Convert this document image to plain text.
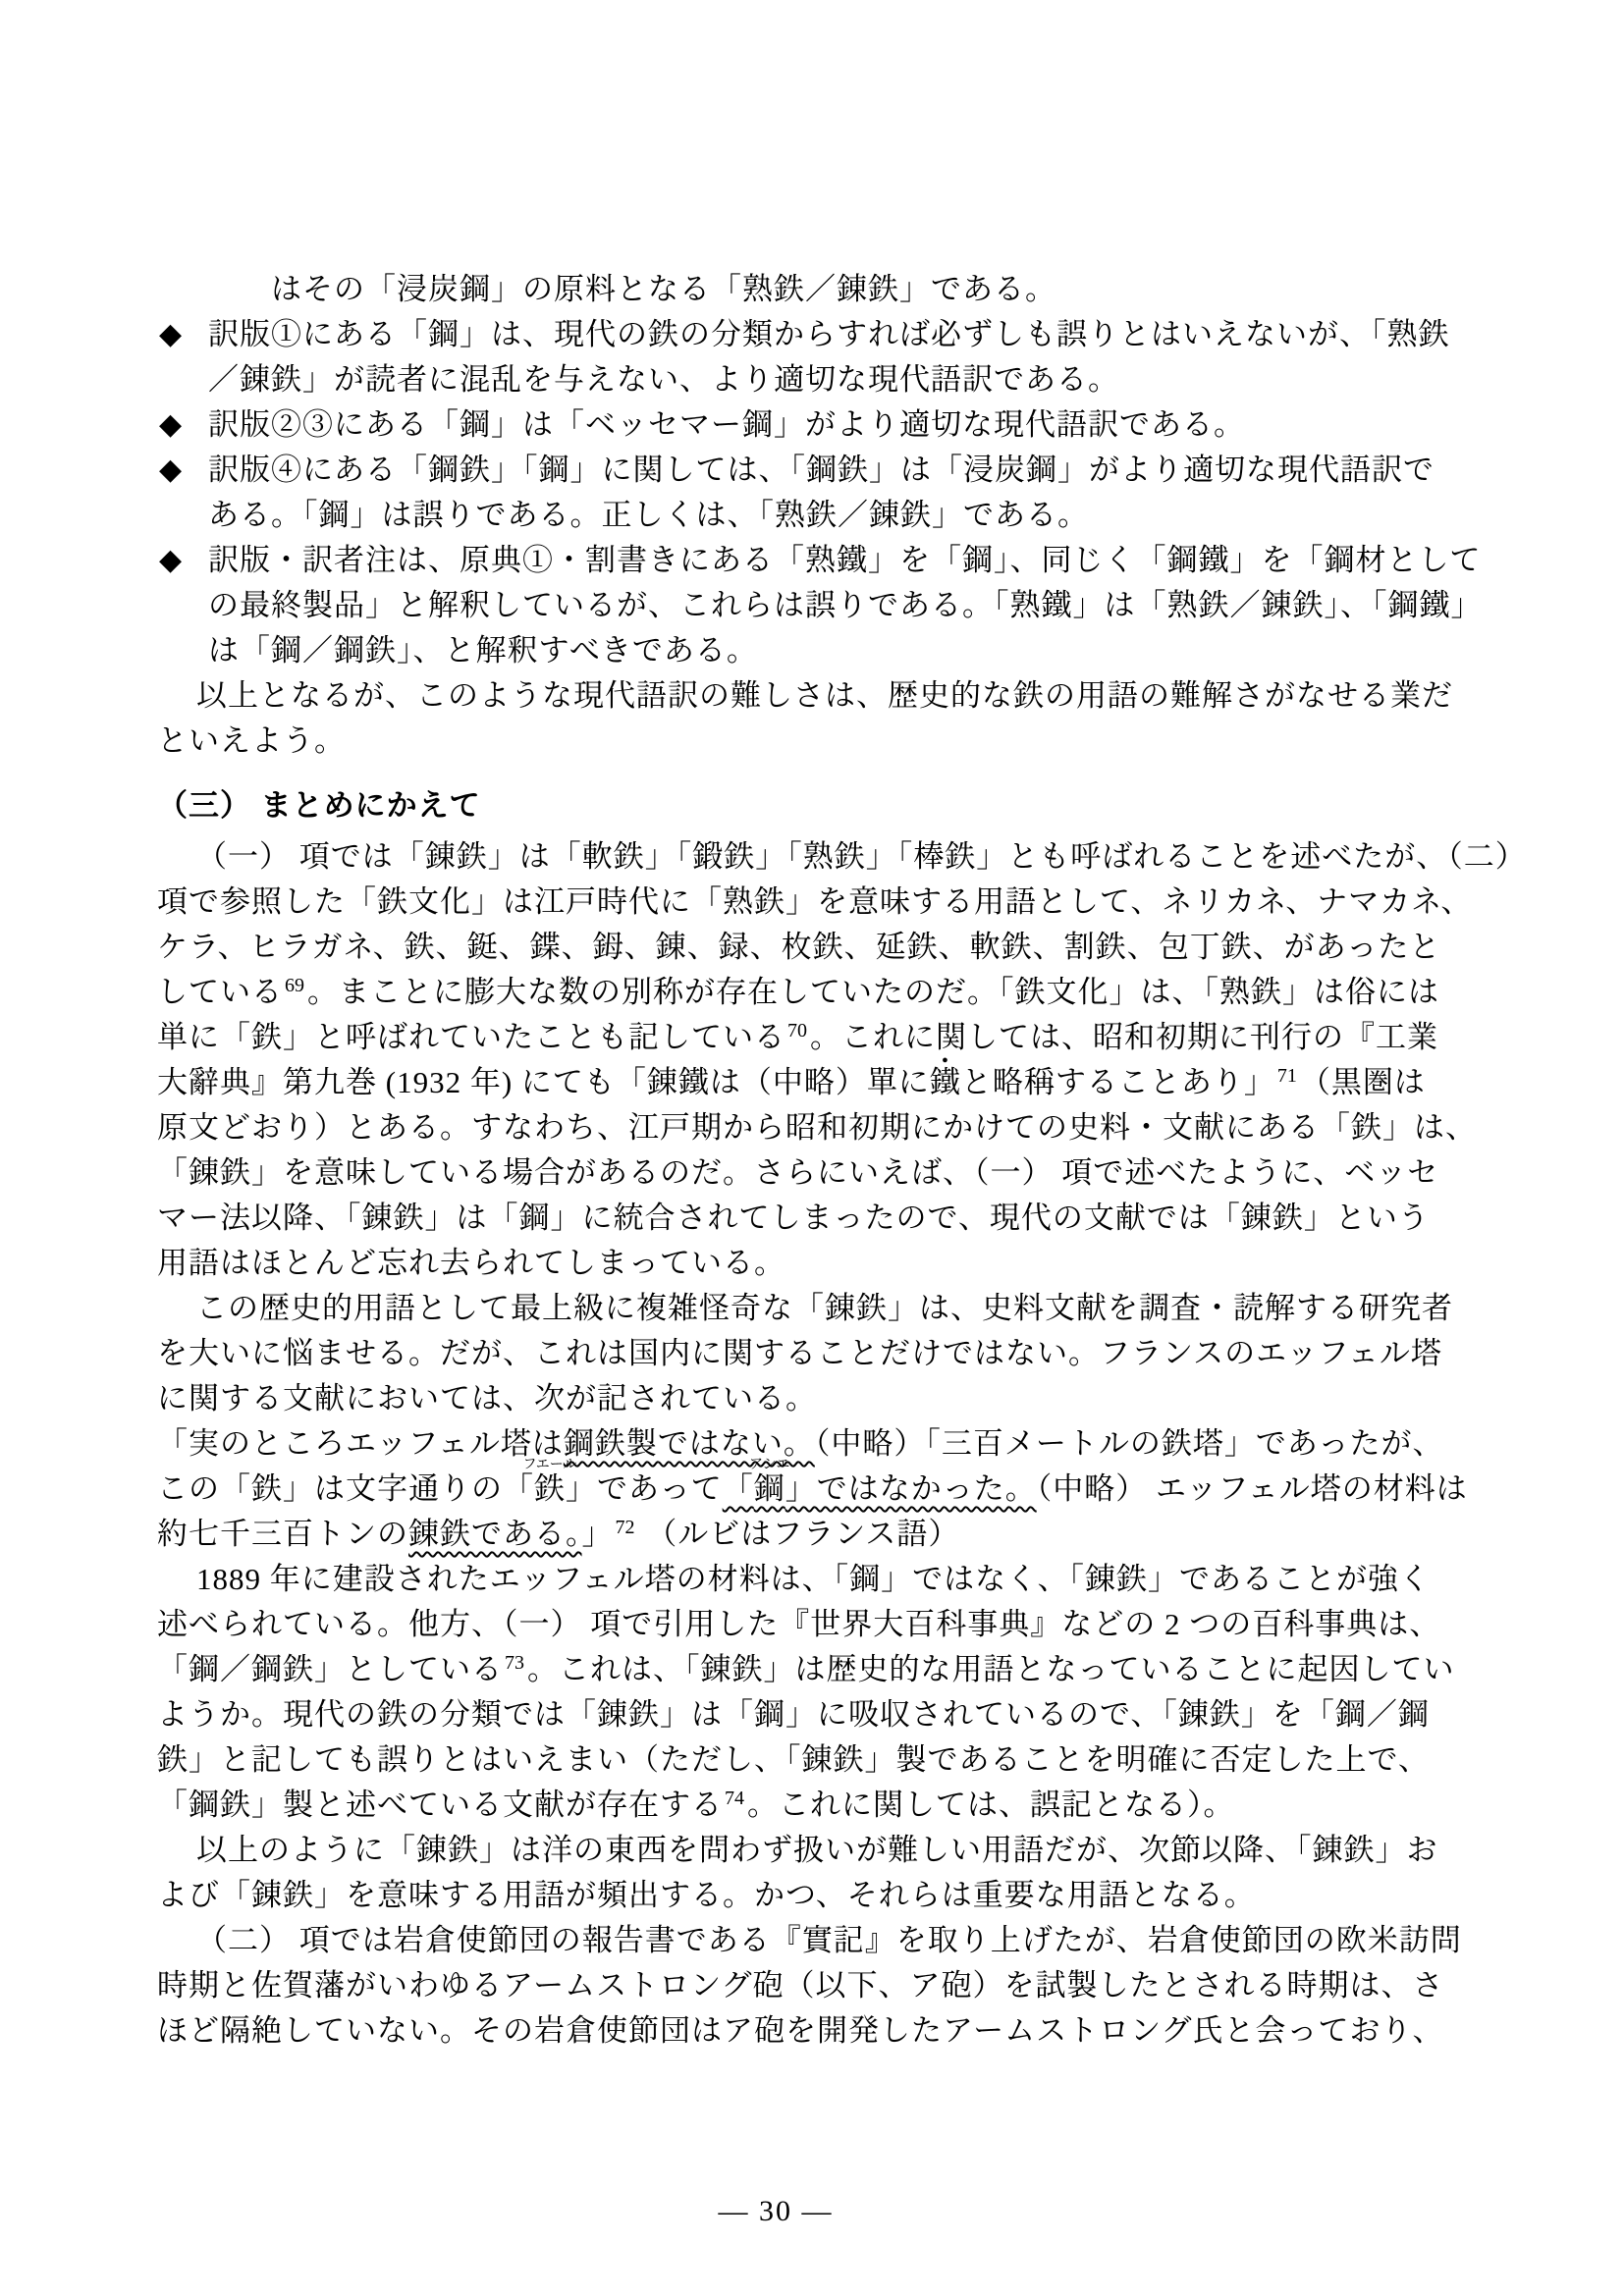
はその「浸炭鋼」の原料となる「熟鉄／錬鉄」である。
◆ 訳版①にある「鋼」は、現代の鉄の分類からすれば必ずしも誤りとはいえないが、「熟鉄
／錬鉄」が読者に混乱を与えない、より適切な現代語訳である。
◆ 訳版②③にある「鋼」は「ベッセマー鋼」がより適切な現代語訳である。
◆ 訳版④にある「鋼鉄」「鋼」に関しては、「鋼鉄」は「浸炭鋼」がより適切な現代語訳で
ある。「鋼」は誤りである。正しくは、「熟鉄／錬鉄」である。
◆ 訳版・訳者注は、原典①・割書きにある「熟鐵」を「鋼」、同じく「鋼鐵」を「鋼材として
の最終製品」と解釈しているが、これらは誤りである。「熟鐵」は「熟鉄／錬鉄」、「鋼鐵」
は「鋼／鋼鉄」、と解釈すべきである。
以上となるが、このような現代語訳の難しさは、歴史的な鉄の用語の難解さがなせる業だ
といえよう。
（三） まとめにかえて
（一） 項では「錬鉄」は「軟鉄」「鍛鉄」「熟鉄」「棒鉄」とも呼ばれることを述べたが、（二）
項で参照した「鉄文化」は江戸時代に「熟鉄」を意味する用語として、ネリカネ、ナマカネ、
ケラ、ヒラガネ、鉄、鋌、鍱、鉧、錬、録、枚鉄、延鉄、軟鉄、割鉄、包丁鉄、があったと
している $^{69}$。まことに膨大な数の別称が存在していたのだ。「鉄文化」は、「熟鉄」は俗には
単に「鉄」と呼ばれていたことも記している $^{70}$。これに関しては、昭和初期に刊行の『工業
大辭典』第九巻 (1932 年) にても「錬鐵は（中略）單に鐵 ●と略稱することあり」 $^{71}$（黒圏は
原文どおり）とある。すなわち、江戸期から昭和初期にかけての史料・文献にある「鉄」は、
「錬鉄」を意味している場合があるのだ。さらにいえば、（一） 項で述べたように、ベッセ
マー法以降、「錬鉄」は「鋼」に統合されてしまったので、現代の文献では「錬鉄」という
用語はほとんど忘れ去られてしまっている。
この歴史的用語として最上級に複雑怪奇な「錬鉄」は、史料文献を調査・読解する研究者
を大いに悩ませる。だが、これは国内に関することだけではない。フランスのエッフェル塔
に関する文献においては、次が記されている。
「実のところエッフェル塔は鋼鉄製ではない。（中略）「三百メートルの鉄塔」であったが、
この「鉄」は文字通りの「鉄
フエール
」であって「鋼
アシエ
」ではなかった。（中略） エッフェル塔の材料は
約七千三百トンの錬鉄である。」 $^{72}$ （ルビはフランス語）
1889 年に建設されたエッフェル塔の材料は、「鋼」ではなく、「錬鉄」であることが強く
述べられている。他方、（一） 項で引用した『世界大百科事典』などの 2 つの百科事典は、
「鋼／鋼鉄」としている $^{73}$。これは、「錬鉄」は歴史的な用語となっていることに起因してい
ようか。現代の鉄の分類では「錬鉄」は「鋼」に吸収されているので、「錬鉄」を「鋼／鋼
鉄」と記しても誤りとはいえまい（ただし、「錬鉄」製であることを明確に否定した上で、
「鋼鉄」製と述べている文献が存在する $^{74}$。これに関しては、誤記となる）。
以上のように「錬鉄」は洋の東西を問わず扱いが難しい用語だが、次節以降、「錬鉄」お
よび「錬鉄」を意味する用語が頻出する。かつ、それらは重要な用語となる。
（二） 項では岩倉使節団の報告書である『實記』を取り上げたが、岩倉使節団の欧米訪問
時期と佐賀藩がいわゆるアームストロング砲（以下、ア砲）を試製したとされる時期は、さ
ほど隔絶していない。その岩倉使節団はア砲を開発したアームストロング氏と会っており、
— 30 —
